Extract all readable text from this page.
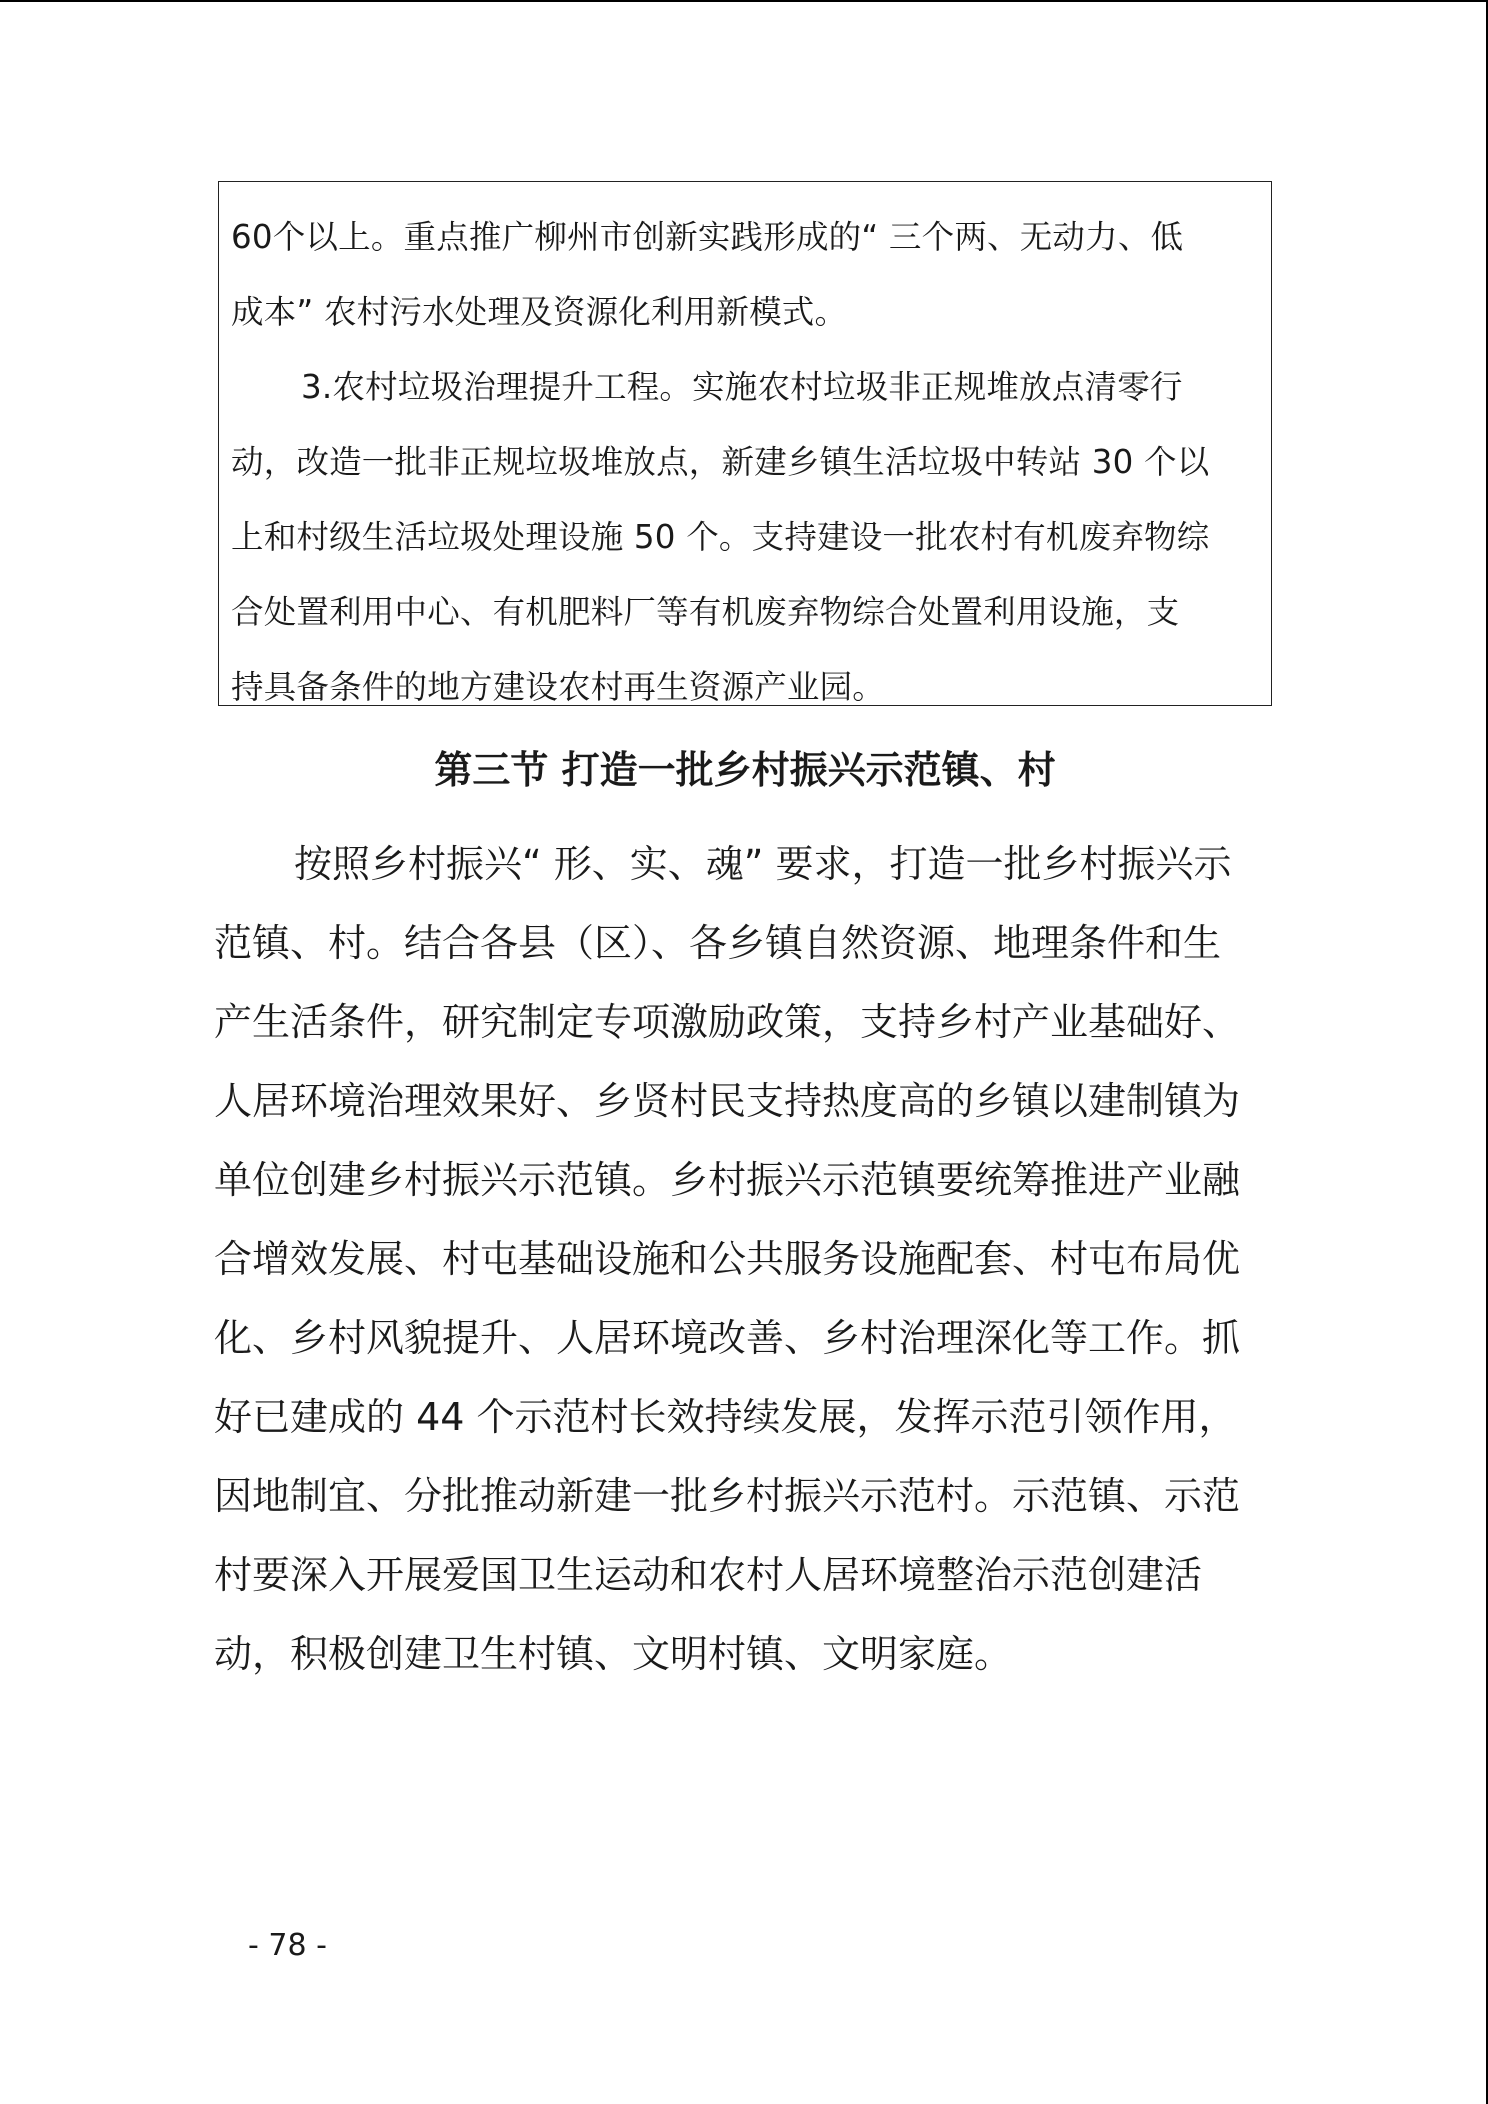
60个以上。重点推广柳州市创新实践形成的“ 三个两、无动力、低

成本” 农村污水处理及资源化利用新模式。

3.农村垃圾治理提升工程。实施农村垃圾非正规堆放点清零行

动，改造一批非正规垃圾堆放点，新建乡镇生活垃圾中转站 30 个以

上和村级生活垃圾处理设施 50 个。支持建设一批农村有机废弃物综

合处置利用中心、有机肥料厂等有机废弃物综合处置利用设施，支

持具备条件的地方建设农村再生资源产业园。

第三节 打造一批乡村振兴示范镇、村

按照乡村振兴“ 形、实、魂” 要求，打造一批乡村振兴示

范镇、村。结合各县（区）、各乡镇自然资源、地理条件和生

产生活条件，研究制定专项激励政策，支持乡村产业基础好、

人居环境治理效果好、乡贤村民支持热度高的乡镇以建制镇为

单位创建乡村振兴示范镇。乡村振兴示范镇要统筹推进产业融

合增效发展、村屯基础设施和公共服务设施配套、村屯布局优

化、乡村风貌提升、人居环境改善、乡村治理深化等工作。抓

好已建成的 44 个示范村长效持续发展，发挥示范引领作用，

因地制宜、分批推动新建一批乡村振兴示范村。示范镇、示范

村要深入开展爱国卫生运动和农村人居环境整治示范创建活

动，积极创建卫生村镇、文明村镇、文明家庭。

- 78 -
